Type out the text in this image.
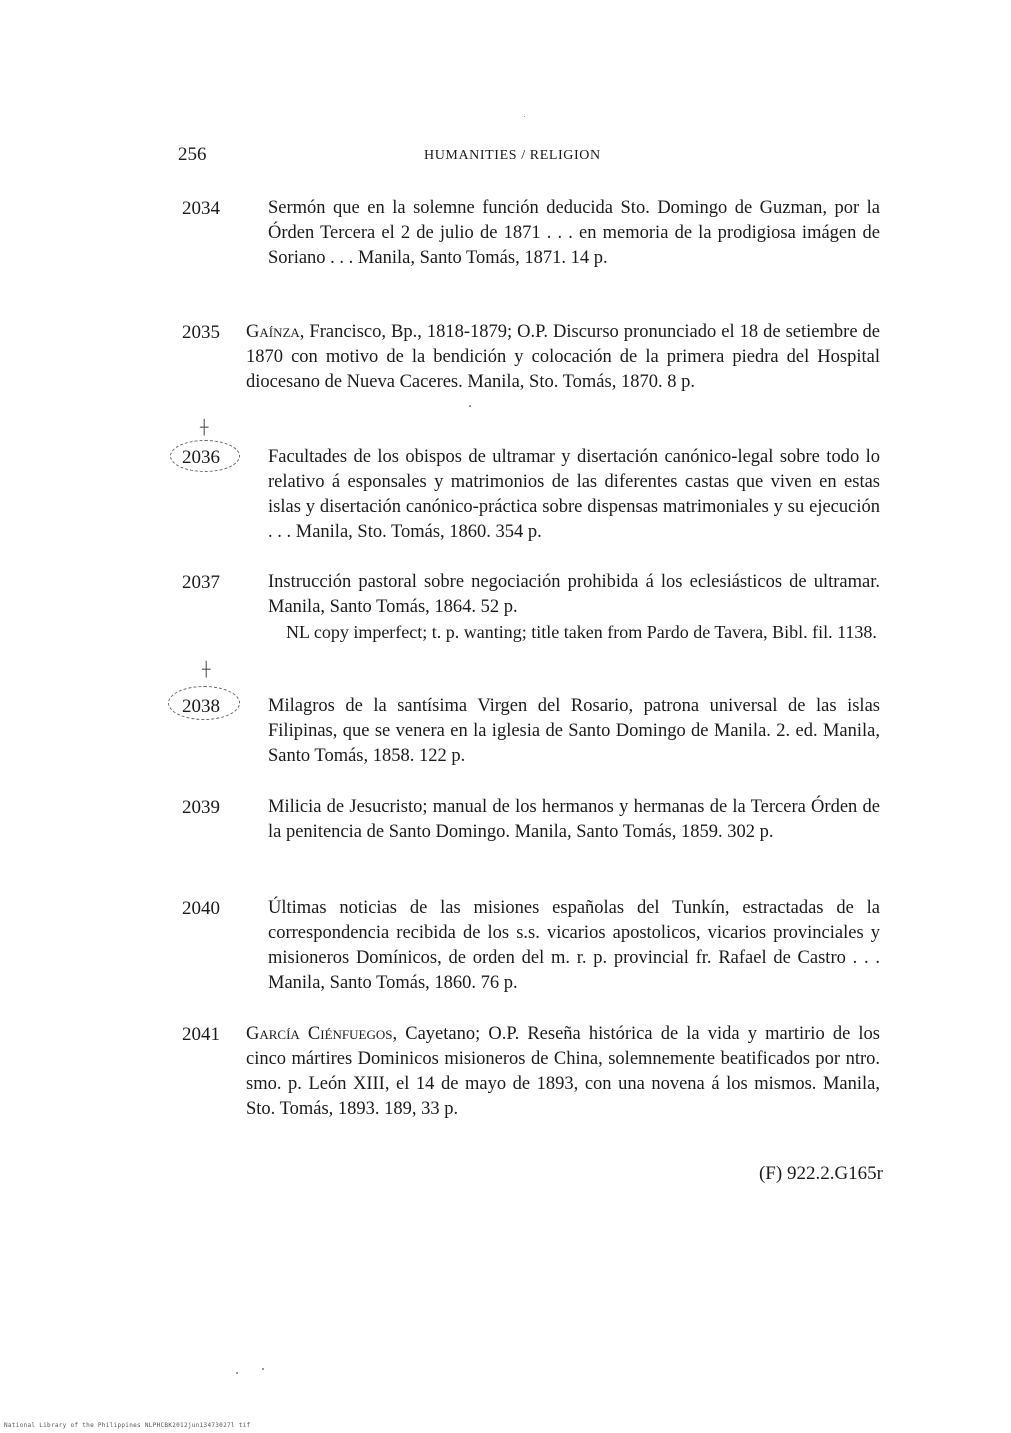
256	HUMANITIES / RELIGION
2034	Sermón que en la solemne función deducida Sto. Domingo de Guzman, por la Órden Tercera el 2 de julio de 1871 . . . en memoria de la prodigiosa imágen de Soriano . . . Manila, Santo Tomás, 1871. 14 p.
2035 Gaínza, Francisco, Bp., 1818-1879; O.P. Discurso pronunciado el 18 de setiembre de 1870 con motivo de la bendición y colocación de la primera piedra del Hospital diocesano de Nueva Caceres. Manila, Sto. Tomás, 1870. 8 p.
2036	Facultades de los obispos de ultramar y disertación canónico-legal sobre todo lo relativo á esponsales y matrimonios de las diferentes castas que viven en estas islas y disertación canónico-práctica sobre dispensas matrimoniales y su ejecución . . . Manila, Sto. Tomás, 1860. 354 p.
2037	Instrucción pastoral sobre negociación prohibida á los eclesiásticos de ultramar. Manila, Santo Tomás, 1864. 52 p.
NL copy imperfect; t. p. wanting; title taken from Pardo de Tavera, Bibl. fil. 1138.
2038	Milagros de la santísima Virgen del Rosario, patrona universal de las islas Filipinas, que se venera en la iglesia de Santo Domingo de Manila. 2. ed. Manila, Santo Tomás, 1858. 122 p.
2039	Milicia de Jesucristo; manual de los hermanos y hermanas de la Tercera Órden de la penitencia de Santo Domingo. Manila, Santo Tomás, 1859. 302 p.
2040	Últimas noticias de las misiones españolas del Tunkín, estractadas de la correspondencia recibida de los s.s. vicarios apostolicos, vicarios provinciales y misioneros Domínicos, de orden del m. r. p. provincial fr. Rafael de Castro . . . Manila, Santo Tomás, 1860. 76 p.
2041 García Ciénfuegos, Cayetano; O.P. Reseña histórica de la vida y martirio de los cinco mártires Dominicos misioneros de China, solemnemente beatificados por ntro. smo. p. León XIII, el 14 de mayo de 1893, con una novena á los mismos. Manila, Sto. Tomás, 1893. 189, 33 p.
(F) 922.2.G165r
┼
┼
National Library of the Philippines NLPHCBK2012jun13473027l tif
